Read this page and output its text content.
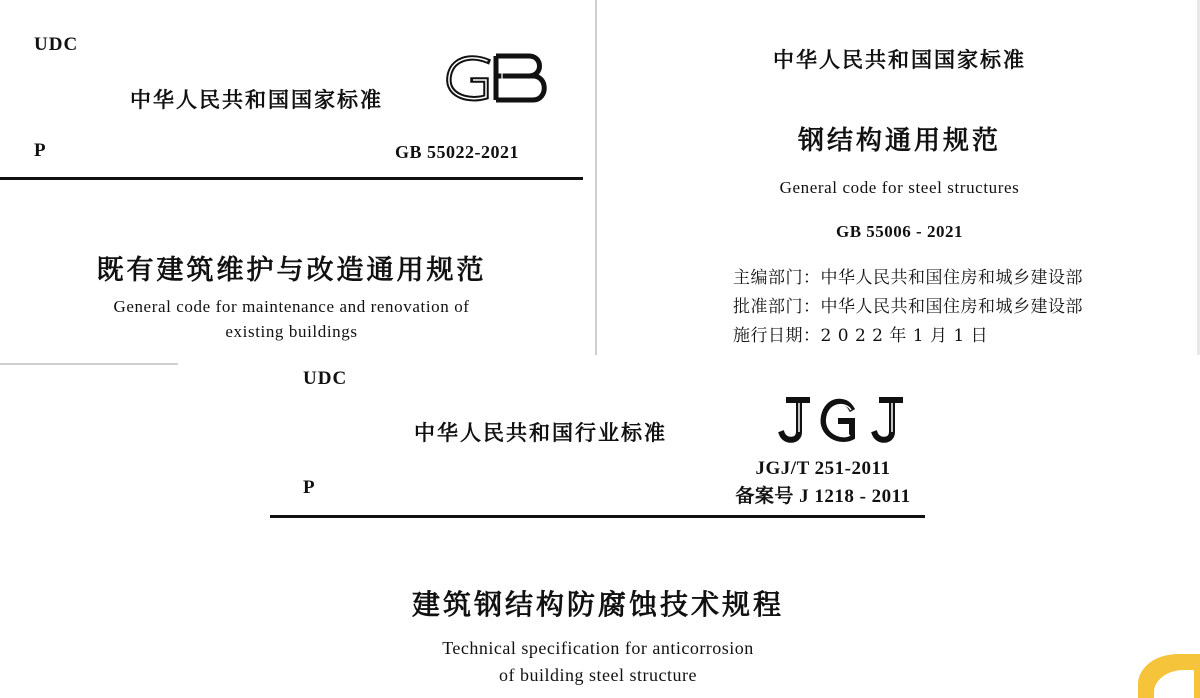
UDC
P
中华人民共和国国家标准
GB 55022-2021
既有建筑维护与改造通用规范
General code for maintenance and renovation of
existing buildings
中华人民共和国国家标准
钢结构通用规范
General code for steel structures
GB 55006 - 2021
主编部门：中华人民共和国住房和城乡建设部
批准部门：中华人民共和国住房和城乡建设部
施行日期：2 0 2 2 年 1 月 1 日
UDC
P
中华人民共和国行业标准
JGJ/T 251-2011
备案号 J 1218 - 2011
建筑钢结构防腐蚀技术规程
Technical specification for anticorrosion
of building steel structure
